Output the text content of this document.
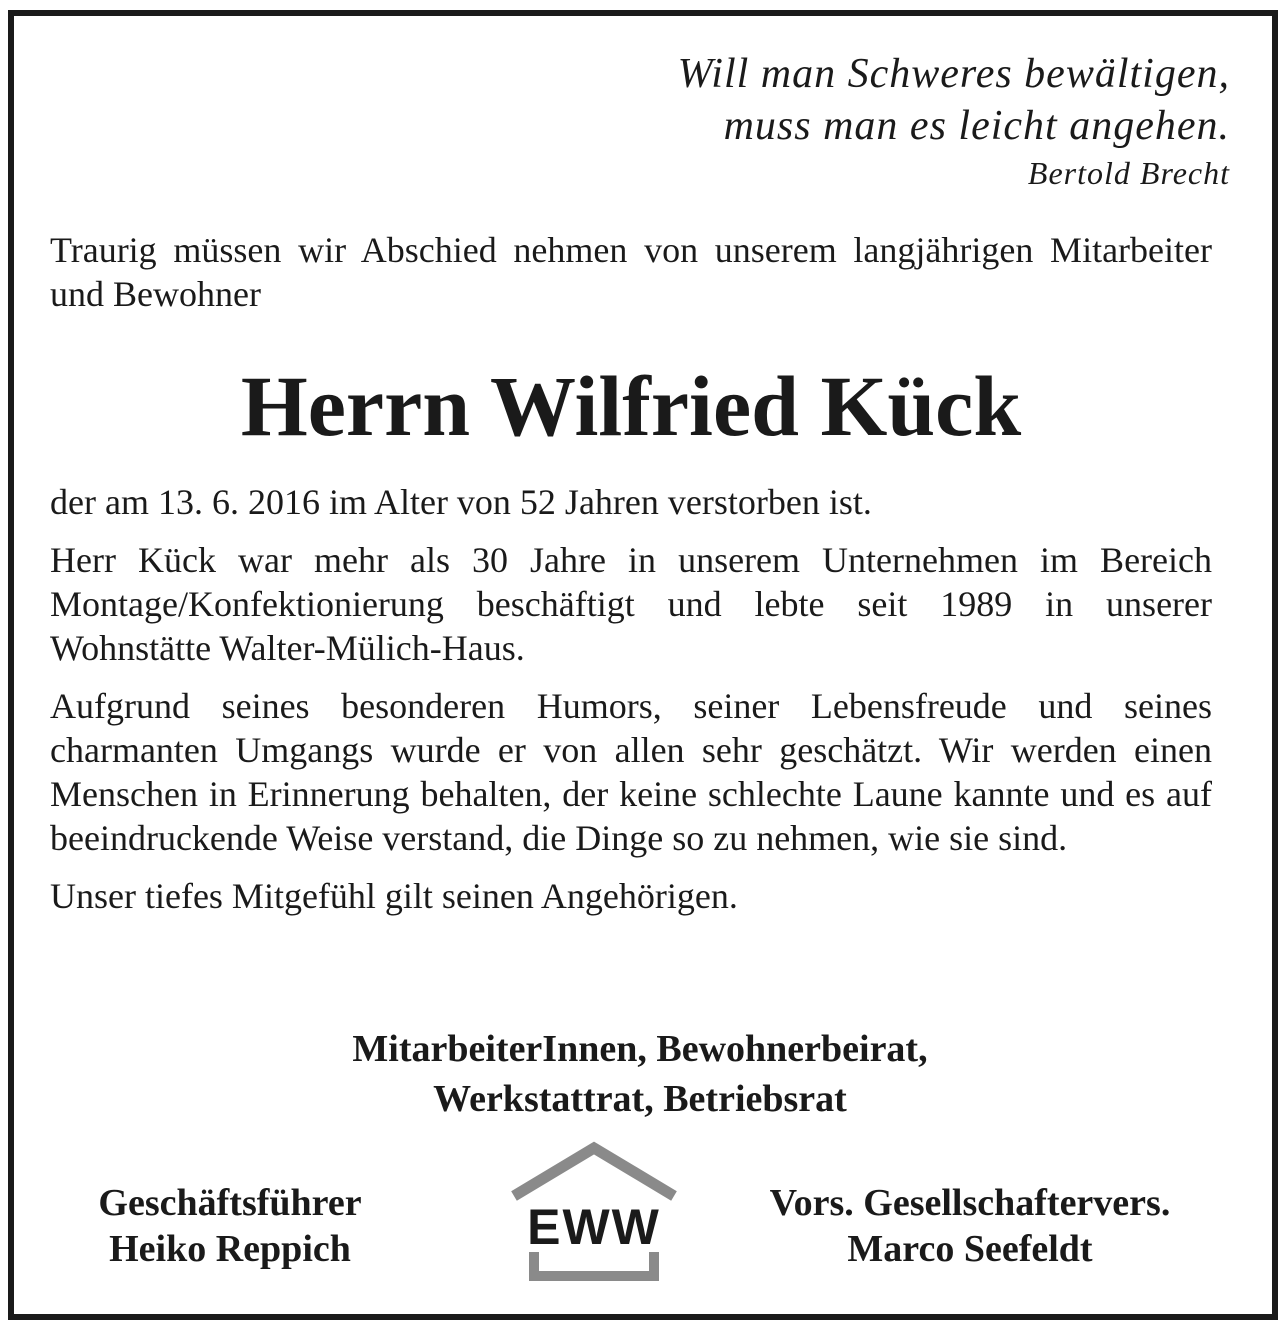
Will man Schweres bewältigen,
muss man es leicht angehen.
Bertold Brecht

Traurig müssen wir Abschied nehmen von unserem langjährigen Mitarbeiter und Bewohner

Herrn Wilfried Kück

der am 13. 6. 2016 im Alter von 52 Jahren verstorben ist.

Herr Kück war mehr als 30 Jahre in unserem Unternehmen im Bereich Montage/Konfektionierung beschäftigt und lebte seit 1989 in unserer Wohnstätte Walter-Mülich-Haus.

Aufgrund seines besonderen Humors, seiner Lebensfreude und seines charmanten Umgangs wurde er von allen sehr geschätzt. Wir werden einen Menschen in Erinnerung behalten, der keine schlechte Laune kannte und es auf beeindruckende Weise verstand, die Dinge so zu nehmen, wie sie sind.

Unser tiefes Mitgefühl gilt seinen Angehörigen.

MitarbeiterInnen, Bewohnerbeirat,
Werkstattrat, Betriebsrat
Geschäftsführer
Heiko Reppich	EWW	Vors. Gesellschaftervers.
Marco Seefeldt
